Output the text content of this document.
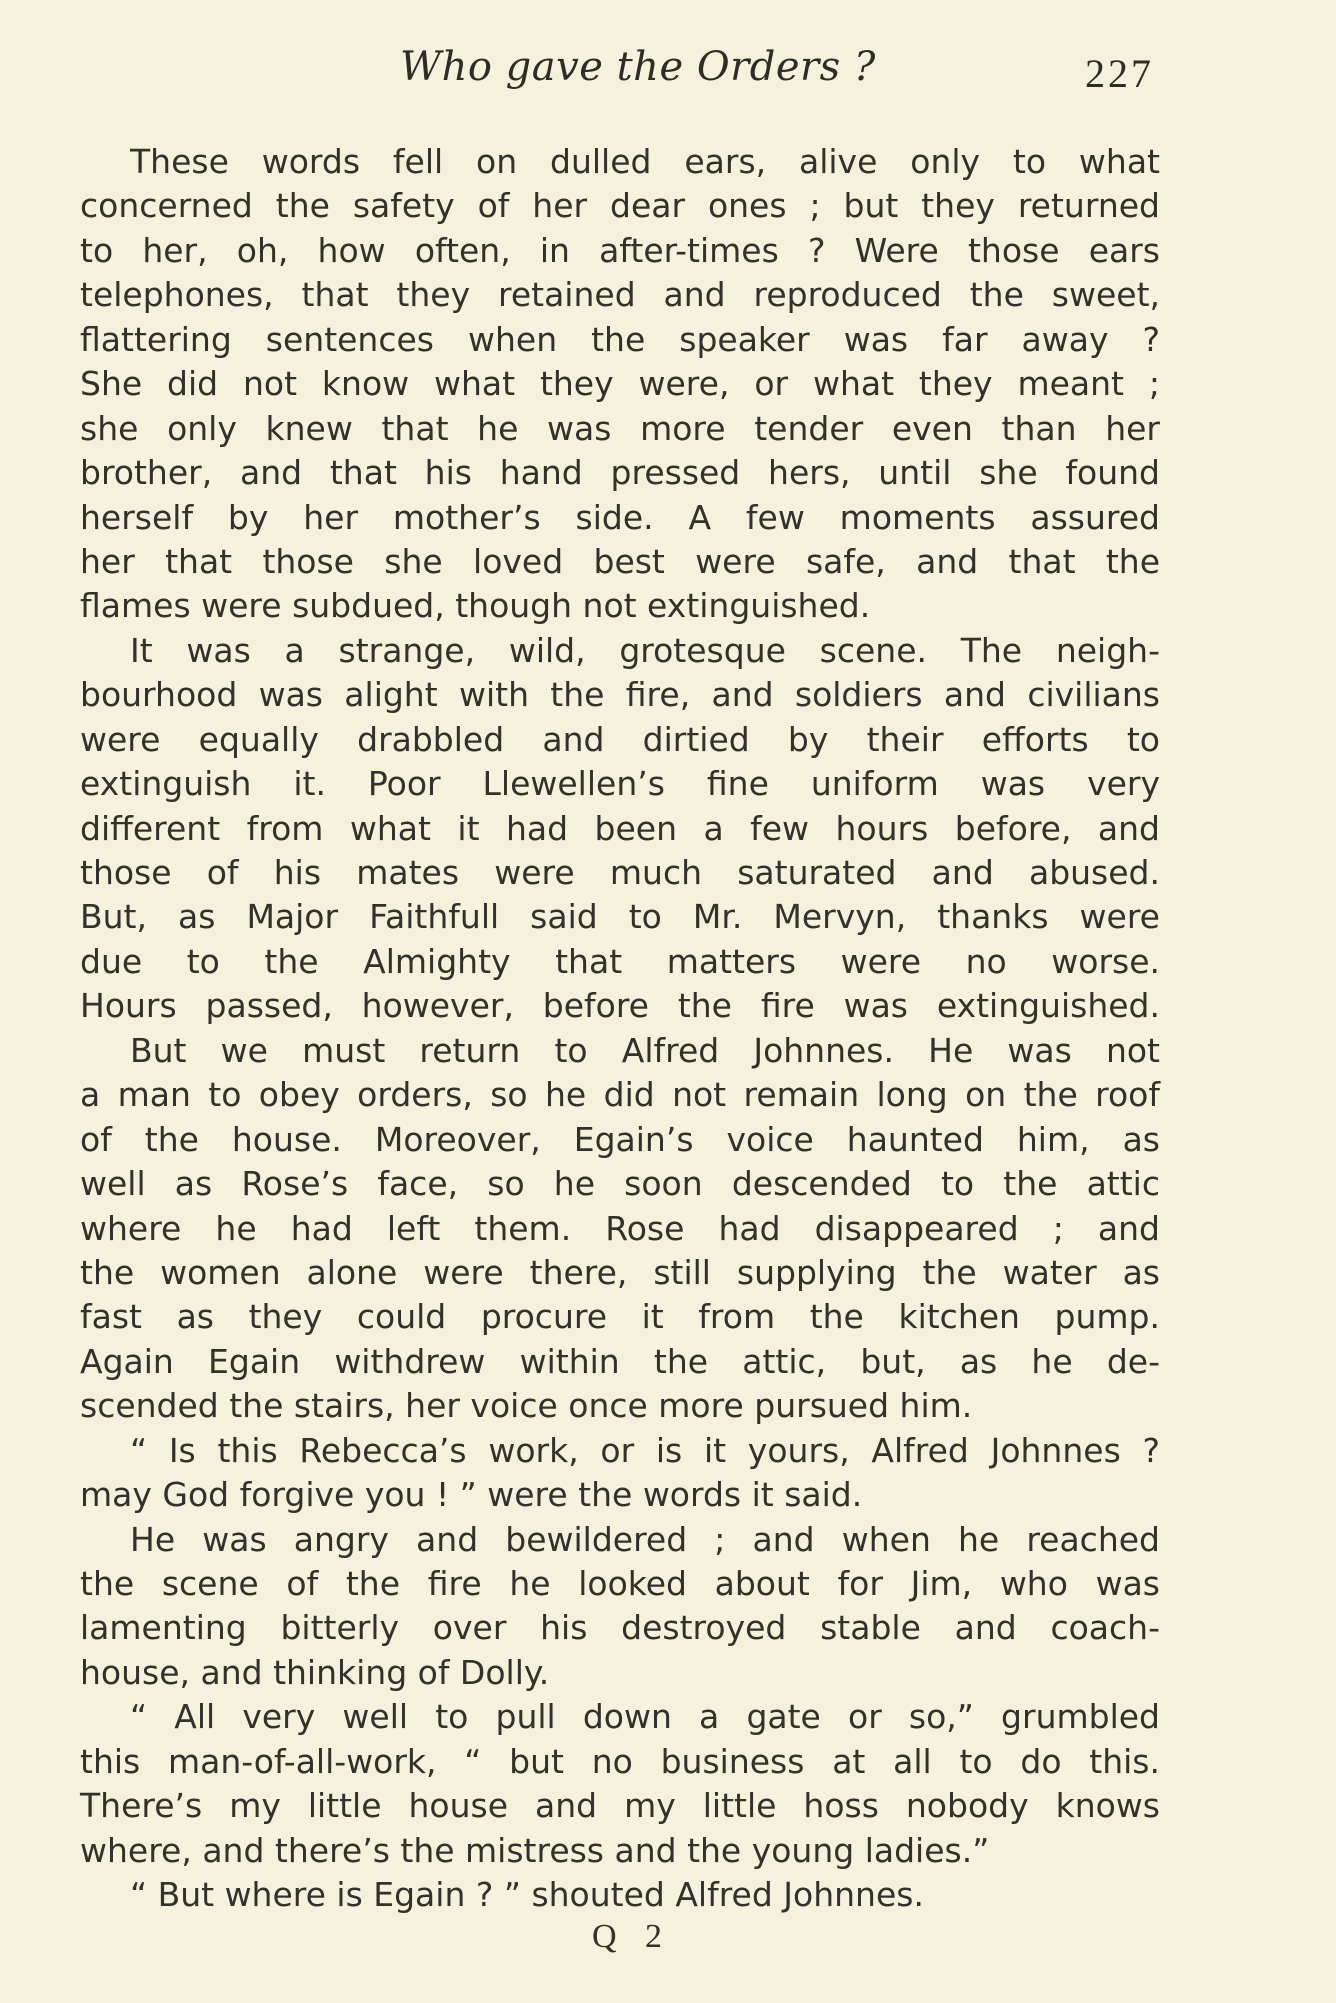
Who gave the Orders ?	227
These words fell on dulled ears, alive only to what
concerned the safety of her dear ones ; but they returned
to her, oh, how often, in after-times ? Were those ears
telephones, that they retained and reproduced the sweet,
flattering sentences when the speaker was far away ?
She did not know what they were, or what they meant ;
she only knew that he was more tender even than her
brother, and that his hand pressed hers, until she found
herself by her mother’s side. A few moments assured
her that those she loved best were safe, and that the
flames were subdued, though not extinguished.
It was a strange, wild, grotesque scene. The neigh-
bourhood was alight with the fire, and soldiers and civilians
were equally drabbled and dirtied by their efforts to
extinguish it. Poor Llewellen’s fine uniform was very
different from what it had been a few hours before, and
those of his mates were much saturated and abused.
But, as Major Faithfull said to Mr. Mervyn, thanks were
due to the Almighty that matters were no worse.
Hours passed, however, before the fire was extinguished.
But we must return to Alfred Johnnes. He was not
a man to obey orders, so he did not remain long on the roof
of the house. Moreover, Egain’s voice haunted him, as
well as Rose’s face, so he soon descended to the attic
where he had left them. Rose had disappeared ; and
the women alone were there, still supplying the water as
fast as they could procure it from the kitchen pump.
Again Egain withdrew within the attic, but, as he de-
scended the stairs, her voice once more pursued him.
“ Is this Rebecca’s work, or is it yours, Alfred Johnnes ?
may God forgive you ! ” were the words it said.
He was angry and bewildered ; and when he reached
the scene of the fire he looked about for Jim, who was
lamenting bitterly over his destroyed stable and coach-
house, and thinking of Dolly.
“ All very well to pull down a gate or so,” grumbled
this man-of-all-work, “ but no business at all to do this.
There’s my little house and my little hoss nobody knows
where, and there’s the mistress and the young ladies.”
“ But where is Egain ? ” shouted Alfred Johnnes.
Q 2
